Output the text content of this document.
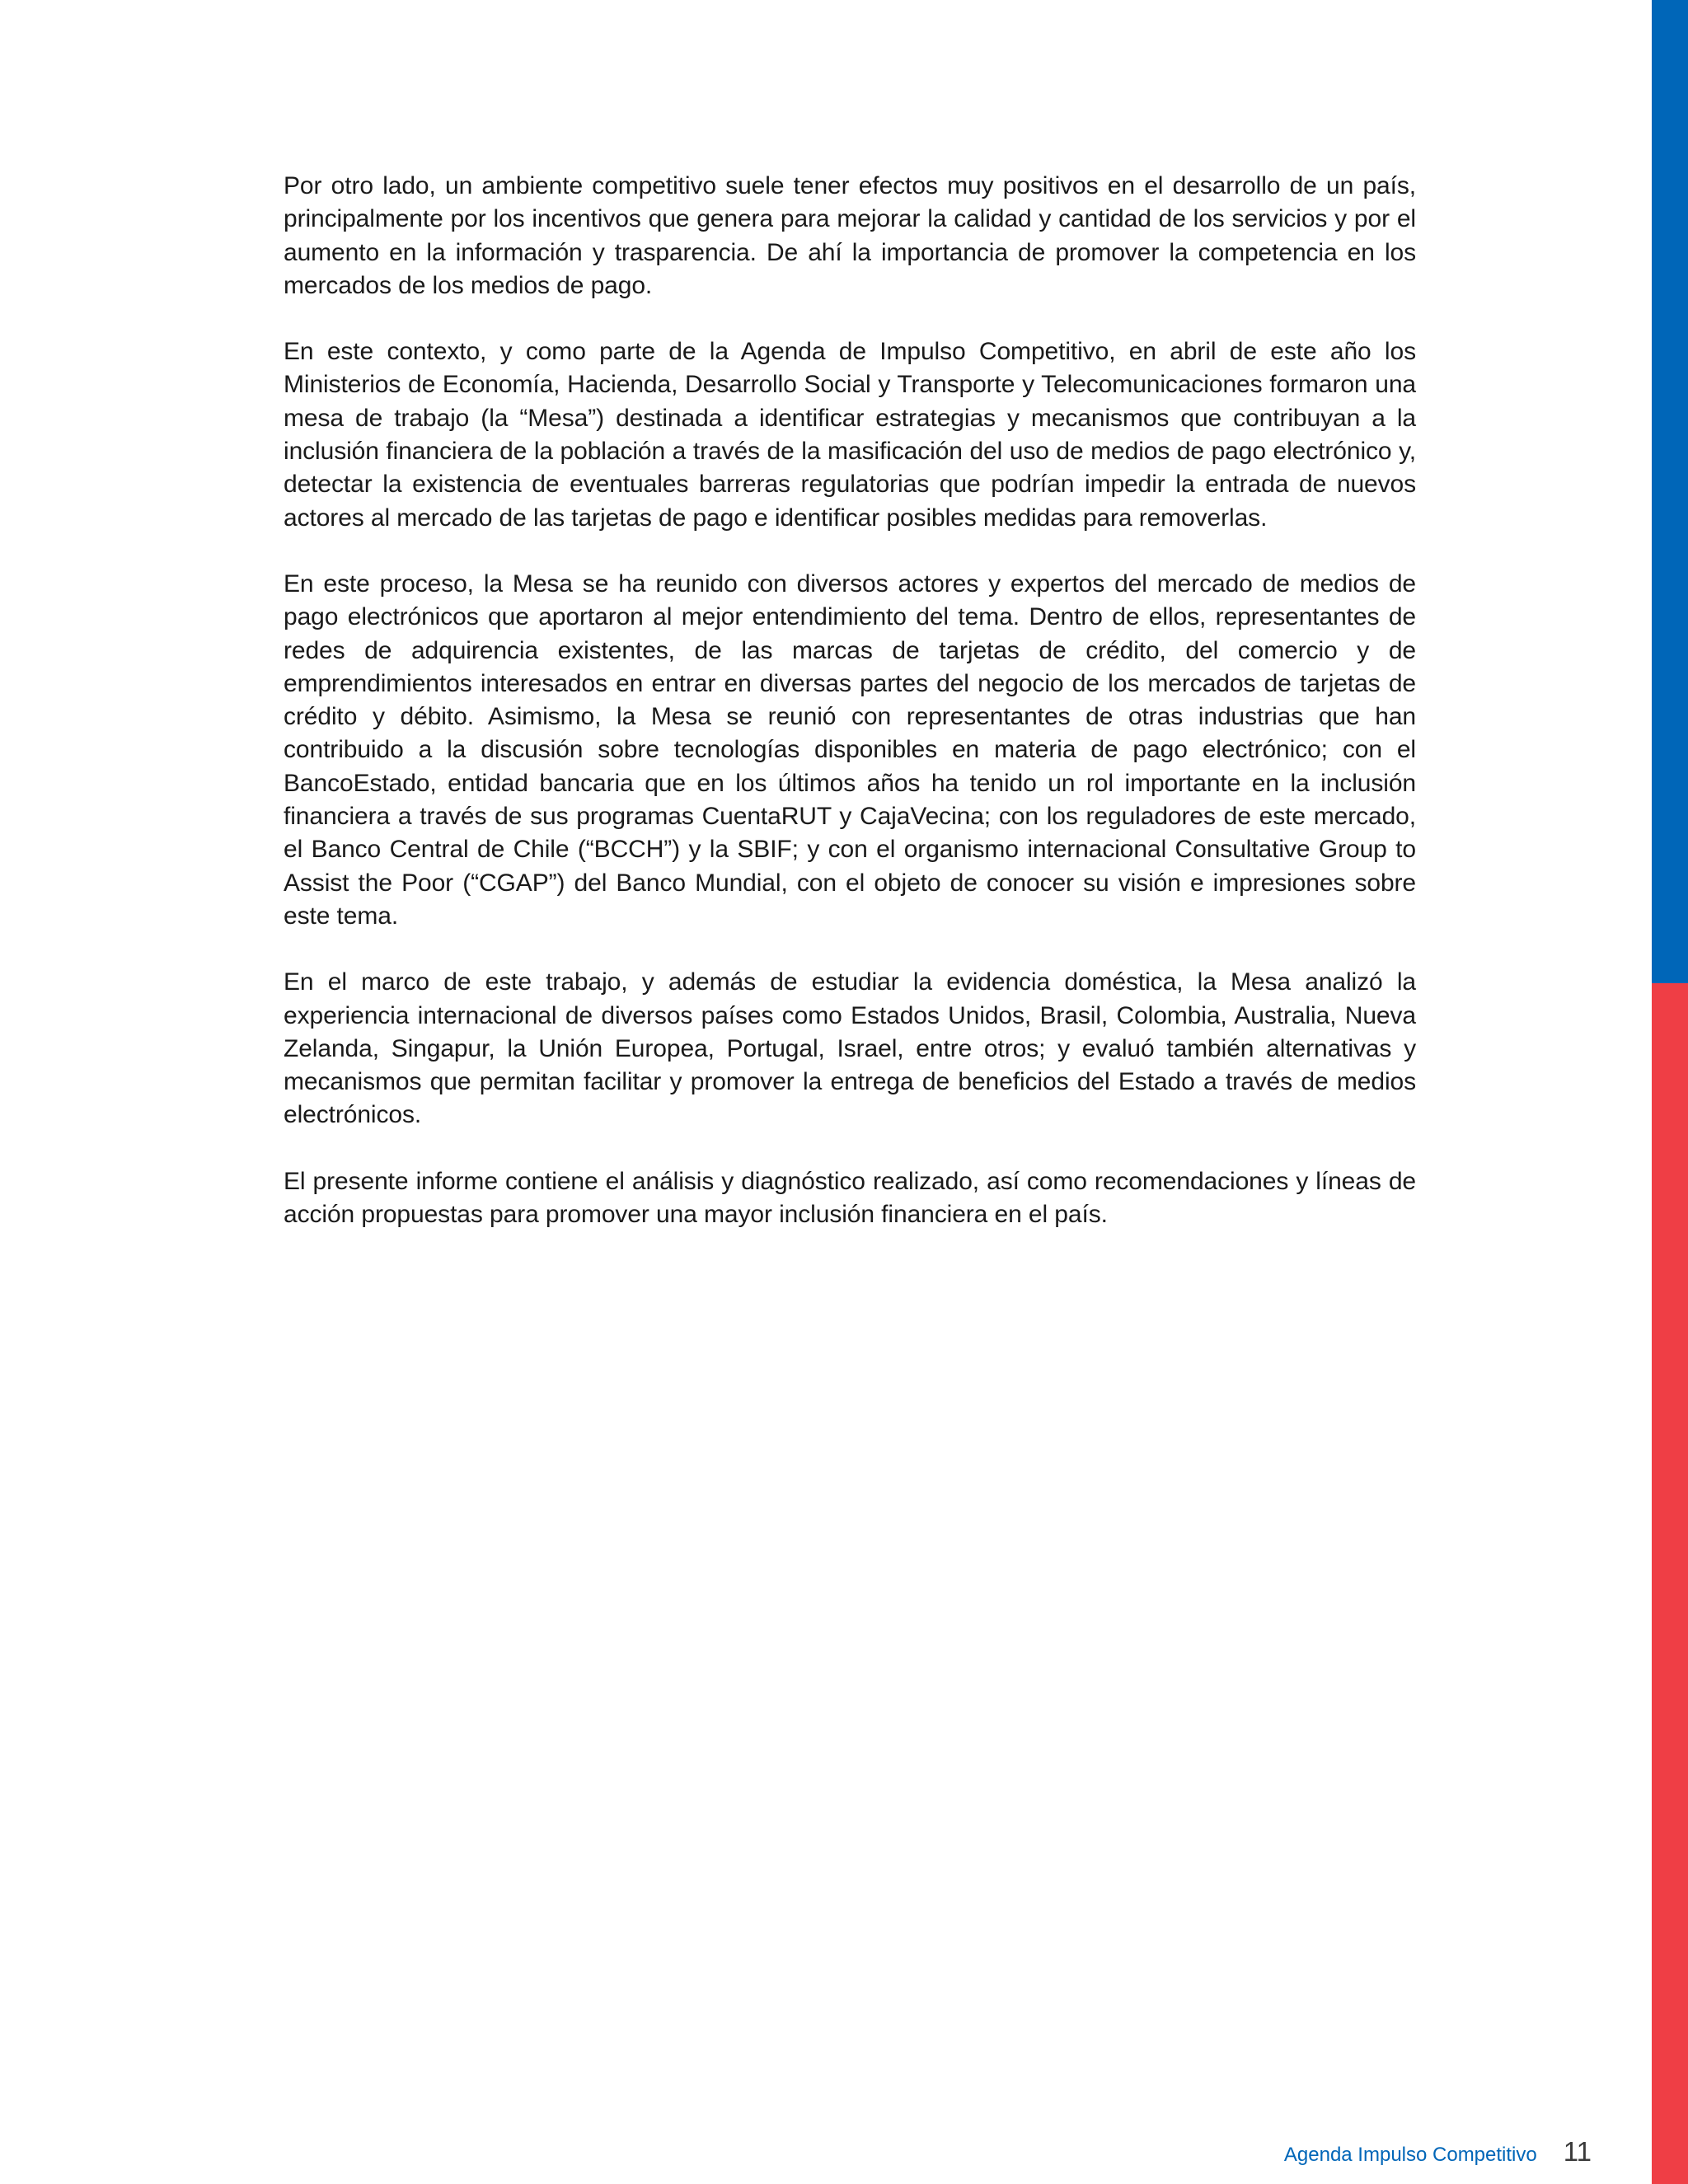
Por otro lado, un ambiente competitivo suele tener efectos muy positivos en el desarrollo de un país, principalmente por los incentivos que genera para mejorar la calidad y cantidad de los servicios y por el aumento en la información y trasparencia. De ahí la importancia de promover la competencia en los mercados de los medios de pago.

En este contexto, y como parte de la Agenda de Impulso Competitivo, en abril de este año los Ministerios de Economía, Hacienda, Desarrollo Social y Transporte y Telecomunicaciones formaron una mesa de trabajo (la “Mesa”) destinada a identificar estrategias y mecanismos que contribuyan a la inclusión financiera de la población a través de la masificación del uso de medios de pago electrónico y, detectar la existencia de eventuales barreras regulatorias que podrían impedir la entrada de nuevos actores al mercado de las tarjetas de pago e identificar posibles medidas para removerlas.

En este proceso, la Mesa se ha reunido con diversos actores y expertos del mercado de medios de pago electrónicos que aportaron al mejor entendimiento del tema. Dentro de ellos, representantes de redes de adquirencia existentes, de las marcas de tarjetas de crédito, del comercio y de emprendimientos interesados en entrar en diversas partes del negocio de los mercados de tarjetas de crédito y débito. Asimismo, la Mesa se reunió con representantes de otras industrias que han contribuido a la discusión sobre tecnologías disponibles en materia de pago electrónico; con el BancoEstado, entidad bancaria que en los últimos años ha tenido un rol importante en la inclusión financiera a través de sus programas CuentaRUT y CajaVecina; con los reguladores de este mercado, el Banco Central de Chile (“BCCH”) y la SBIF; y con el organismo internacional Consultative Group to Assist the Poor (“CGAP”) del Banco Mundial, con el objeto de conocer su visión e impresiones sobre este tema.

En el marco de este trabajo, y además de estudiar la evidencia doméstica, la Mesa analizó la experiencia internacional de diversos países como Estados Unidos, Brasil, Colombia, Australia, Nueva Zelanda, Singapur, la Unión Europea, Portugal, Israel, entre otros; y evaluó también alternativas y mecanismos que permitan facilitar y promover la entrega de beneficios del Estado a través de medios electrónicos.

El presente informe contiene el análisis y diagnóstico realizado, así como recomendaciones y líneas de acción propuestas para promover una mayor inclusión financiera en el país.

Agenda Impulso Competitivo 11
